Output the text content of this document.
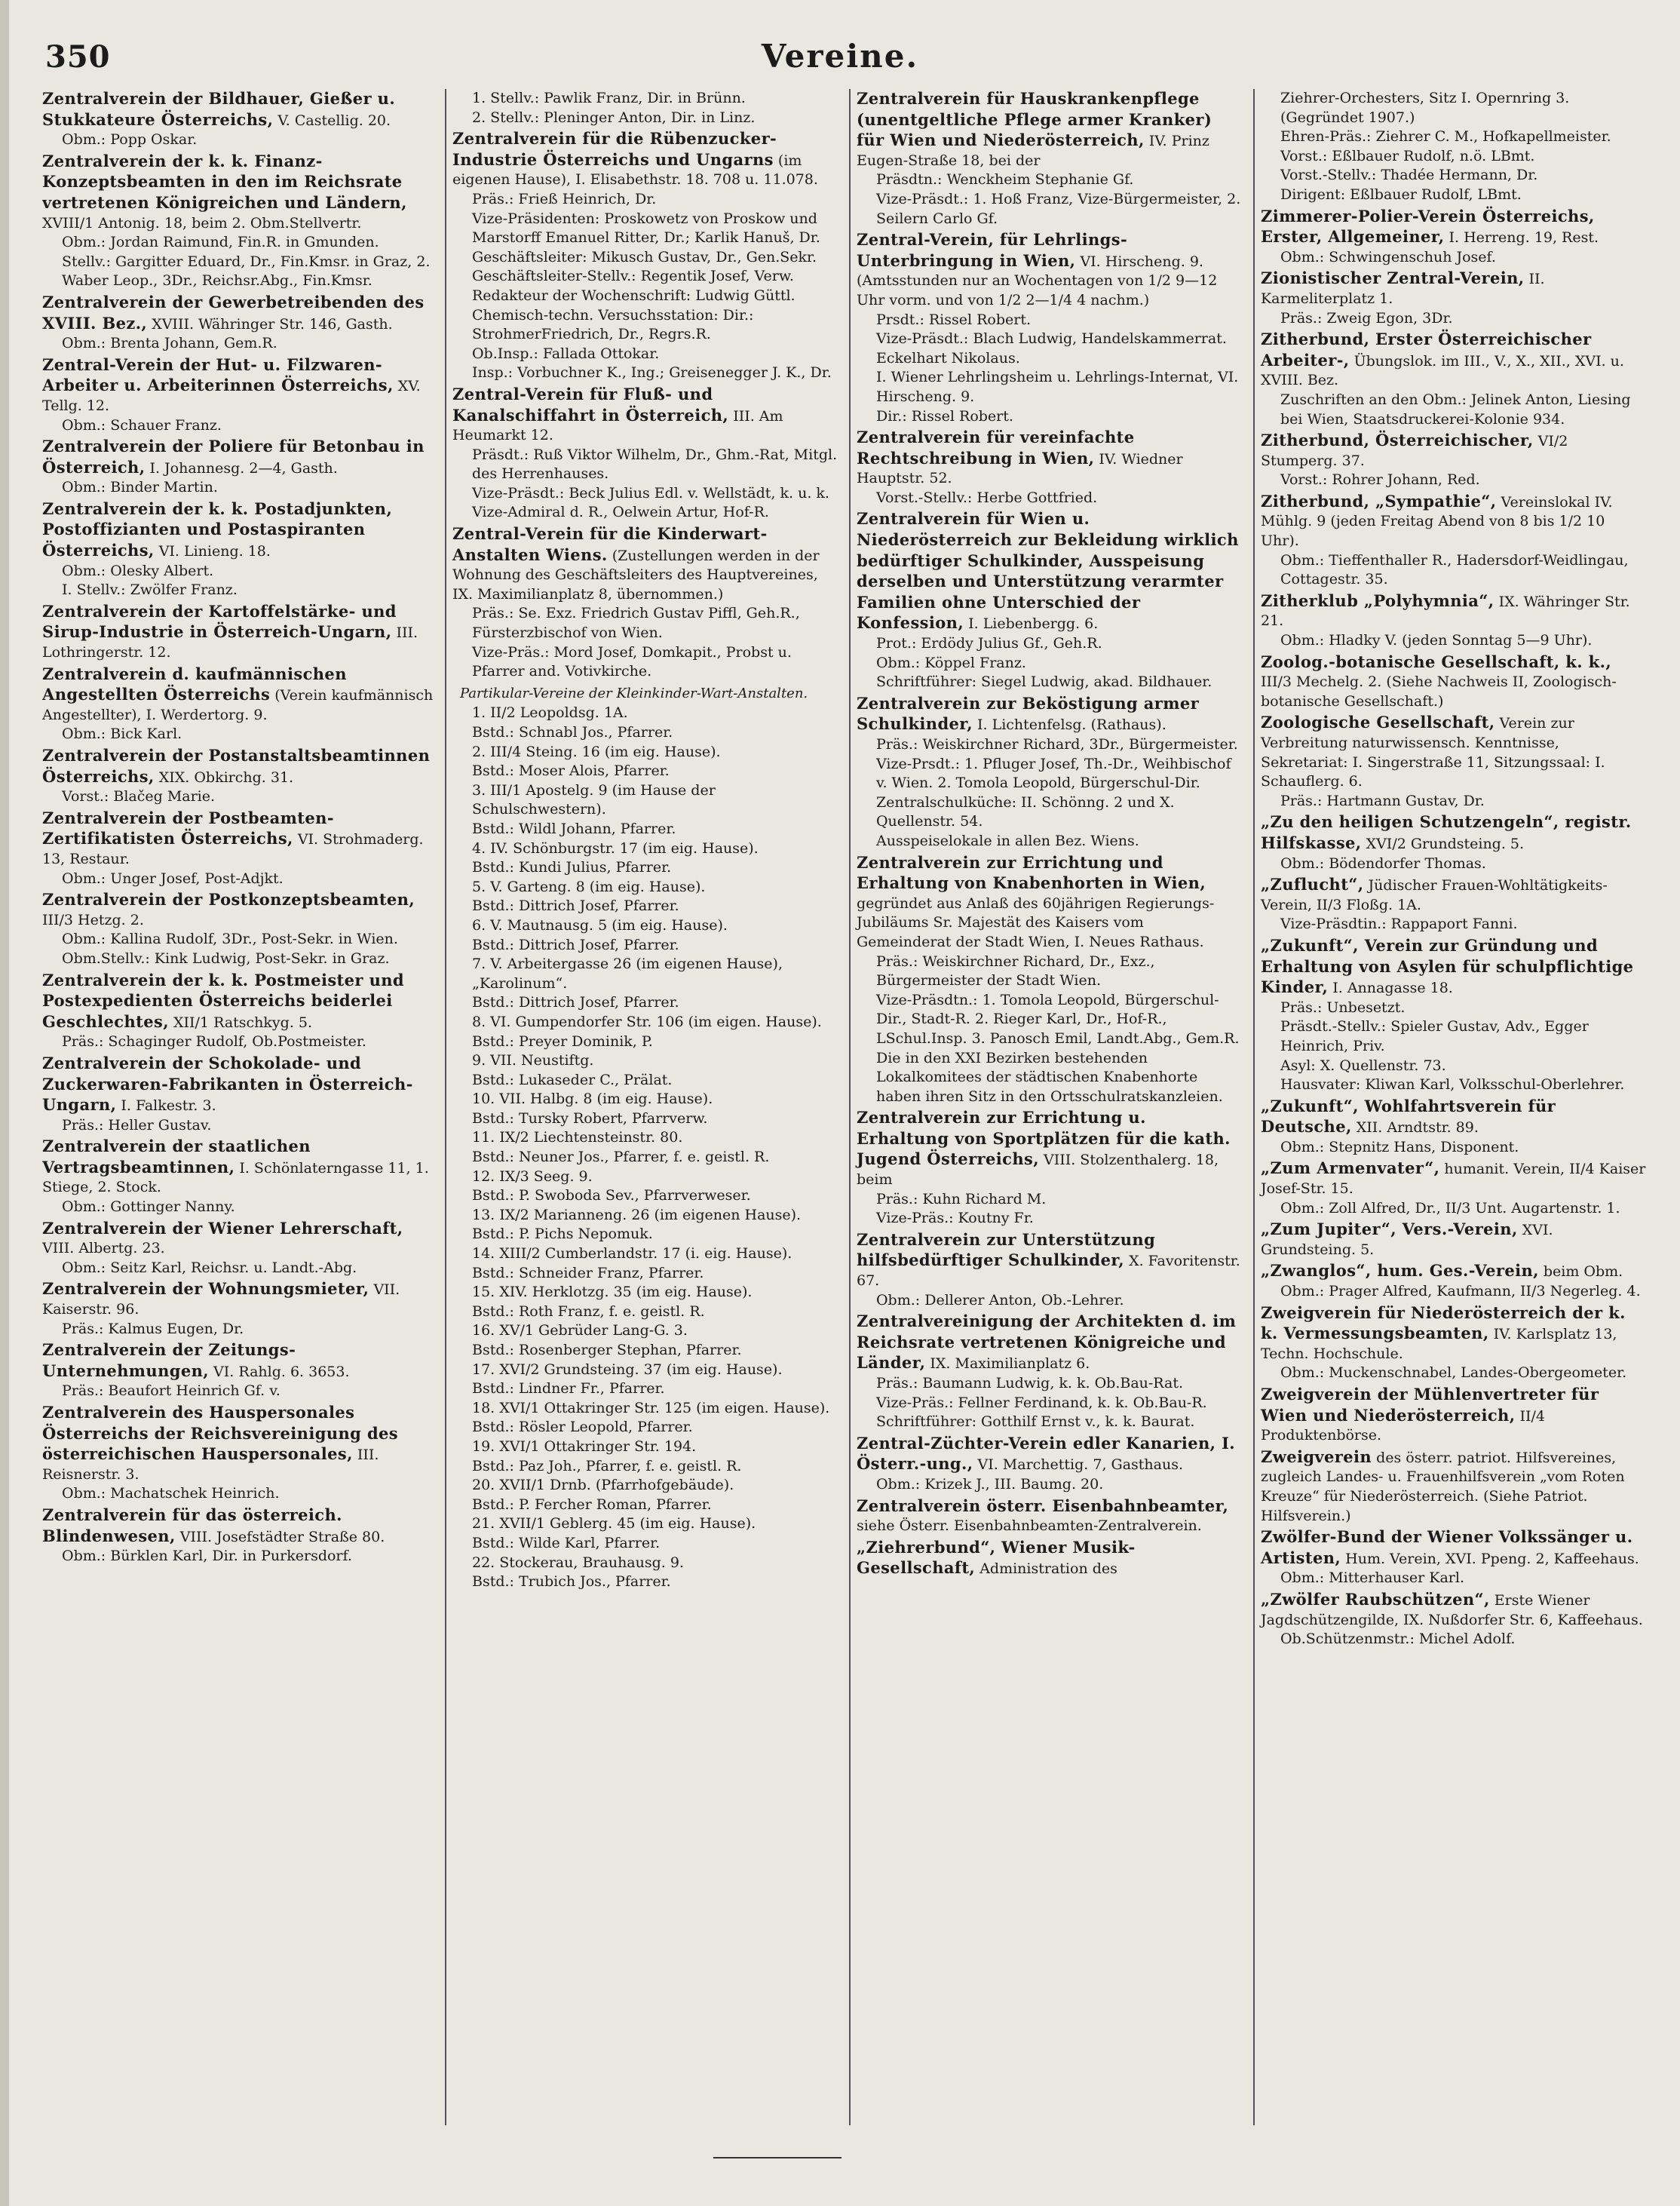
350	Vereine.
Zentralverein der Bildhauer, Gießer u. Stukkateure Österreichs, V. Castellig. 20.
Obm.: Popp Oskar.
Zentralverein der k. k. Finanz-Konzeptsbeamten in den im Reichsrate vertretenen Königreichen und Ländern, XVIII/1 Antonig. 18, beim 2. Obm.Stellvertr.
Obm.: Jordan Raimund, Fin.R. in Gmunden.
Stellv.: Gargitter Eduard, Dr., Fin.Kmsr. in Graz, 2. Waber Leop., 3Dr., Reichsr.Abg., Fin.Kmsr.
Zentralverein der Gewerbetreibenden des XVIII. Bez., XVIII. Währinger Str. 146, Gasth.
Obm.: Brenta Johann, Gem.R.
Zentral-Verein der Hut- u. Filzwaren-Arbeiter u. Arbeiterinnen Österreichs, XV. Tellg. 12.
Obm.: Schauer Franz.
Zentralverein der Poliere für Betonbau in Österreich, I. Johannesg. 2—4, Gasth.
Obm.: Binder Martin.
Zentralverein der k. k. Postadjunkten, Postoffizianten und Postaspiranten Österreichs, VI. Linieng. 18.
Obm.: Olesky Albert.
I. Stellv.: Zwölfer Franz.
Zentralverein der Kartoffelstärke- und Sirup-Industrie in Österreich-Ungarn, III. Lothringerstr. 12.
Zentralverein d. kaufmännischen Angestellten Österreichs (Verein kaufmännisch Angestellter), I. Werdertorg. 9.
Obm.: Bick Karl.
Zentralverein der Postanstaltsbeamtinnen Österreichs, XIX. Obkirchg. 31.
Vorst.: Blačeg Marie.
Zentralverein der Postbeamten-Zertifikatisten Österreichs, VI. Strohmaderg. 13, Restaur.
Obm.: Unger Josef, Post-Adjkt.
Zentralverein der Postkonzeptsbeamten, III/3 Hetzg. 2.
Obm.: Kallina Rudolf, 3Dr., Post-Sekr. in Wien.
Obm.Stellv.: Kink Ludwig, Post-Sekr. in Graz.
Zentralverein der k. k. Postmeister und Postexpedienten Österreichs beiderlei Geschlechtes, XII/1 Ratschkyg. 5.
Präs.: Schaginger Rudolf, Ob.Postmeister.
Zentralverein der Schokolade- und Zuckerwaren-Fabrikanten in Österreich-Ungarn, I. Falkestr. 3.
Präs.: Heller Gustav.
Zentralverein der staatlichen Vertragsbeamtinnen, I. Schönlaterngasse 11, 1. Stiege, 2. Stock.
Obm.: Gottinger Nanny.
Zentralverein der Wiener Lehrerschaft, VIII. Albertg. 23.
Obm.: Seitz Karl, Reichsr. u. Landt.-Abg.
Zentralverein der Wohnungsmieter, VII. Kaiserstr. 96.
Präs.: Kalmus Eugen, Dr.
Zentralverein der Zeitungs-Unternehmungen, VI. Rahlg. 6. 3653.
Präs.: Beaufort Heinrich Gf. v.
Zentralverein des Hauspersonales Österreichs der Reichsvereinigung des österreichischen Hauspersonales, III. Reisnerstr. 3.
Obm.: Machatschek Heinrich.
Zentralverein für das österreich. Blindenwesen, VIII. Josefstädter Straße 80.
Obm.: Bürklen Karl, Dir. in Purkersdorf.
1. Stellv.: Pawlik Franz, Dir. in Brünn.
2. Stellv.: Pleninger Anton, Dir. in Linz.
Zentralverein für die Rübenzucker-Industrie Österreichs und Ungarns (im eigenen Hause), I. Elisabethstr. 18. 708 u. 11.078.
Präs.: Frieß Heinrich, Dr.
Vize-Präsidenten: Proskowetz von Proskow und Marstorff Emanuel Ritter, Dr.; Karlik Hanuš, Dr.
Geschäftsleiter: Mikusch Gustav, Dr., Gen.Sekr.
Geschäftsleiter-Stellv.: Regentik Josef, Verw.
Redakteur der Wochenschrift: Ludwig Güttl.
Chemisch-techn. Versuchsstation: Dir.: StrohmerFriedrich, Dr., Regrs.R.
Ob.Insp.: Fallada Ottokar.
Insp.: Vorbuchner K., Ing.; Greisenegger J. K., Dr.
Zentral-Verein für Fluß- und Kanalschiffahrt in Österreich, III. Am Heumarkt 12.
Präsdt.: Ruß Viktor Wilhelm, Dr., Ghm.-Rat, Mitgl. des Herrenhauses.
Vize-Präsdt.: Beck Julius Edl. v. Wellstädt, k. u. k. Vize-Admiral d. R., Oelwein Artur, Hof-R.
Zentral-Verein für die Kinderwart-Anstalten Wiens. (Zustellungen werden in der Wohnung des Geschäftsleiters des Hauptvereines, IX. Maximilianplatz 8, übernommen.)
Präs.: Se. Exz. Friedrich Gustav Piffl, Geh.R., Fürsterzbischof von Wien.
Vize-Präs.: Mord Josef, Domkapit., Probst u. Pfarrer and. Votivkirche.
Partikular-Vereine der Kleinkinder-Wart-Anstalten.
1. II/2 Leopoldsg. 1A.
Bstd.: Schnabl Jos., Pfarrer.
2. III/4 Steing. 16 (im eig. Hause).
Bstd.: Moser Alois, Pfarrer.
3. III/1 Apostelg. 9 (im Hause der Schulschwestern).
Bstd.: Wildl Johann, Pfarrer.
4. IV. Schönburgstr. 17 (im eig. Hause).
Bstd.: Kundi Julius, Pfarrer.
5. V. Garteng. 8 (im eig. Hause).
Bstd.: Dittrich Josef, Pfarrer.
6. V. Mautnausg. 5 (im eig. Hause).
Bstd.: Dittrich Josef, Pfarrer.
7. V. Arbeitergasse 26 (im eigenen Hause), „Karolinum“.
Bstd.: Dittrich Josef, Pfarrer.
8. VI. Gumpendorfer Str. 106 (im eigen. Hause).
Bstd.: Preyer Dominik, P.
9. VII. Neustiftg.
Bstd.: Lukaseder C., Prälat.
10. VII. Halbg. 8 (im eig. Hause).
Bstd.: Tursky Robert, Pfarrverw.
11. IX/2 Liechtensteinstr. 80.
Bstd.: Neuner Jos., Pfarrer, f. e. geistl. R.
12. IX/3 Seeg. 9.
Bstd.: P. Swoboda Sev., Pfarrverweser.
13. IX/2 Marianneng. 26 (im eigenen Hause).
Bstd.: P. Pichs Nepomuk.
14. XIII/2 Cumberlandstr. 17 (i. eig. Hause).
Bstd.: Schneider Franz, Pfarrer.
15. XIV. Herklotzg. 35 (im eig. Hause).
Bstd.: Roth Franz, f. e. geistl. R.
16. XV/1 Gebrüder Lang-G. 3.
Bstd.: Rosenberger Stephan, Pfarrer.
17. XVI/2 Grundsteing. 37 (im eig. Hause).
Bstd.: Lindner Fr., Pfarrer.
18. XVI/1 Ottakringer Str. 125 (im eigen. Hause).
Bstd.: Rösler Leopold, Pfarrer.
19. XVI/1 Ottakringer Str. 194.
Bstd.: Paz Joh., Pfarrer, f. e. geistl. R.
20. XVII/1 Drnb. (Pfarrhofgebäude).
Bstd.: P. Fercher Roman, Pfarrer.
21. XVII/1 Geblerg. 45 (im eig. Hause).
Bstd.: Wilde Karl, Pfarrer.
22. Stockerau, Brauhausg. 9.
Bstd.: Trubich Jos., Pfarrer.
Zentralverein für Hauskrankenpflege (unentgeltliche Pflege armer Kranker) für Wien und Niederösterreich, IV. Prinz Eugen-Straße 18, bei der
Präsdtn.: Wenckheim Stephanie Gf.
Vize-Präsdt.: 1. Hoß Franz, Vize-Bürgermeister, 2. Seilern Carlo Gf.
Zentral-Verein, für Lehrlings-Unterbringung in Wien, VI. Hirscheng. 9. (Amtsstunden nur an Wochentagen von 1/2 9—12 Uhr vorm. und von 1/2 2—1/4 4 nachm.)
Prsdt.: Rissel Robert.
Vize-Präsdt.: Blach Ludwig, Handelskammerrat. Eckelhart Nikolaus.
I. Wiener Lehrlingsheim u. Lehrlings-Internat, VI. Hirscheng. 9.
Dir.: Rissel Robert.
Zentralverein für vereinfachte Rechtschreibung in Wien, IV. Wiedner Hauptstr. 52.
Vorst.-Stellv.: Herbe Gottfried.
Zentralverein für Wien u. Niederösterreich zur Bekleidung wirklich bedürftiger Schulkinder, Ausspeisung derselben und Unterstützung verarmter Familien ohne Unterschied der Konfession, I. Liebenbergg. 6.
Prot.: Erdödy Julius Gf., Geh.R.
Obm.: Köppel Franz.
Schriftführer: Siegel Ludwig, akad. Bildhauer.
Zentralverein zur Beköstigung armer Schulkinder, I. Lichtenfelsg. (Rathaus).
Präs.: Weiskirchner Richard, 3Dr., Bürgermeister.
Vize-Prsdt.: 1. Pfluger Josef, Th.-Dr., Weihbischof v. Wien. 2. Tomola Leopold, Bürgerschul-Dir.
Zentralschulküche: II. Schönng. 2 und X. Quellenstr. 54.
Ausspeiselokale in allen Bez. Wiens.
Zentralverein zur Errichtung und Erhaltung von Knabenhorten in Wien, gegründet aus Anlaß des 60jährigen Regierungs-Jubiläums Sr. Majestät des Kaisers vom Gemeinderat der Stadt Wien, I. Neues Rathaus.
Präs.: Weiskirchner Richard, Dr., Exz., Bürgermeister der Stadt Wien.
Vize-Präsdtn.: 1. Tomola Leopold, Bürgerschul-Dir., Stadt-R. 2. Rieger Karl, Dr., Hof-R., LSchul.Insp. 3. Panosch Emil, Landt.Abg., Gem.R.
Die in den XXI Bezirken bestehenden Lokalkomitees der städtischen Knabenhorte haben ihren Sitz in den Ortsschulratskanzleien.
Zentralverein zur Errichtung u. Erhaltung von Sportplätzen für die kath. Jugend Österreichs, VIII. Stolzenthalerg. 18, beim
Präs.: Kuhn Richard M.
Vize-Präs.: Koutny Fr.
Zentralverein zur Unterstützung hilfsbedürftiger Schulkinder, X. Favoritenstr. 67.
Obm.: Dellerer Anton, Ob.-Lehrer.
Zentralvereinigung der Architekten d. im Reichsrate vertretenen Königreiche und Länder, IX. Maximilianplatz 6.
Präs.: Baumann Ludwig, k. k. Ob.Bau-Rat.
Vize-Präs.: Fellner Ferdinand, k. k. Ob.Bau-R.
Schriftführer: Gotthilf Ernst v., k. k. Baurat.
Zentral-Züchter-Verein edler Kanarien, I. Österr.-ung., VI. Marchettig. 7, Gasthaus.
Obm.: Krizek J., III. Baumg. 20.
Zentralverein österr. Eisenbahnbeamter, siehe Österr. Eisenbahnbeamten-Zentralverein.
„Ziehrerbund“, Wiener Musik-Gesellschaft, Administration des
Ziehrer-Orchesters, Sitz I. Opernring 3. (Gegründet 1907.)
Ehren-Präs.: Ziehrer C. M., Hofkapellmeister.
Vorst.: Eßlbauer Rudolf, n.ö. LBmt.
Vorst.-Stellv.: Thadée Hermann, Dr.
Dirigent: Eßlbauer Rudolf, LBmt.
Zimmerer-Polier-Verein Österreichs, Erster, Allgemeiner, I. Herreng. 19, Rest.
Obm.: Schwingenschuh Josef.
Zionistischer Zentral-Verein, II. Karmeliterplatz 1.
Präs.: Zweig Egon, 3Dr.
Zitherbund, Erster Österreichischer Arbeiter-, Übungslok. im III., V., X., XII., XVI. u. XVIII. Bez.
Zuschriften an den Obm.: Jelinek Anton, Liesing bei Wien, Staatsdruckerei-Kolonie 934.
Zitherbund, Österreichischer, VI/2 Stumperg. 37.
Vorst.: Rohrer Johann, Red.
Zitherbund, „Sympathie“, Vereinslokal IV. Mühlg. 9 (jeden Freitag Abend von 8 bis 1/2 10 Uhr).
Obm.: Tieffenthaller R., Hadersdorf-Weidlingau, Cottagestr. 35.
Zitherklub „Polyhymnia“, IX. Währinger Str. 21.
Obm.: Hladky V. (jeden Sonntag 5—9 Uhr).
Zoolog.-botanische Gesellschaft, k. k., III/3 Mechelg. 2. (Siehe Nachweis II, Zoologisch-botanische Gesellschaft.)
Zoologische Gesellschaft, Verein zur Verbreitung naturwissensch. Kenntnisse, Sekretariat: I. Singerstraße 11, Sitzungssaal: I. Schauflerg. 6.
Präs.: Hartmann Gustav, Dr.
„Zu den heiligen Schutzengeln“, registr. Hilfskasse, XVI/2 Grundsteing. 5.
Obm.: Bödendorfer Thomas.
„Zuflucht“, Jüdischer Frauen-Wohltätigkeits-Verein, II/3 Floßg. 1A.
Vize-Präsdtin.: Rappaport Fanni.
„Zukunft“, Verein zur Gründung und Erhaltung von Asylen für schulpflichtige Kinder, I. Annagasse 18.
Präs.: Unbesetzt.
Präsdt.-Stellv.: Spieler Gustav, Adv., Egger Heinrich, Priv.
Asyl: X. Quellenstr. 73.
Hausvater: Kliwan Karl, Volksschul-Oberlehrer.
„Zukunft“, Wohlfahrtsverein für Deutsche, XII. Arndtstr. 89.
Obm.: Stepnitz Hans, Disponent.
„Zum Armenvater“, humanit. Verein, II/4 Kaiser Josef-Str. 15.
Obm.: Zoll Alfred, Dr., II/3 Unt. Augartenstr. 1.
„Zum Jupiter“, Vers.-Verein, XVI. Grundsteing. 5.
„Zwanglos“, hum. Ges.-Verein, beim Obm.
Obm.: Prager Alfred, Kaufmann, II/3 Negerleg. 4.
Zweigverein für Niederösterreich der k. k. Vermessungsbeamten, IV. Karlsplatz 13, Techn. Hochschule.
Obm.: Muckenschnabel, Landes-Obergeometer.
Zweigverein der Mühlenvertreter für Wien und Niederösterreich, II/4 Produktenbörse.
Zweigverein des österr. patriot. Hilfsvereines, zugleich Landes- u. Frauenhilfsverein „vom Roten Kreuze“ für Niederösterreich. (Siehe Patriot. Hilfsverein.)
Zwölfer-Bund der Wiener Volkssänger u. Artisten, Hum. Verein, XVI. Ppeng. 2, Kaffeehaus.
Obm.: Mitterhauser Karl.
„Zwölfer Raubschützen“, Erste Wiener Jagdschützengilde, IX. Nußdorfer Str. 6, Kaffeehaus.
Ob.Schützenmstr.: Michel Adolf.
